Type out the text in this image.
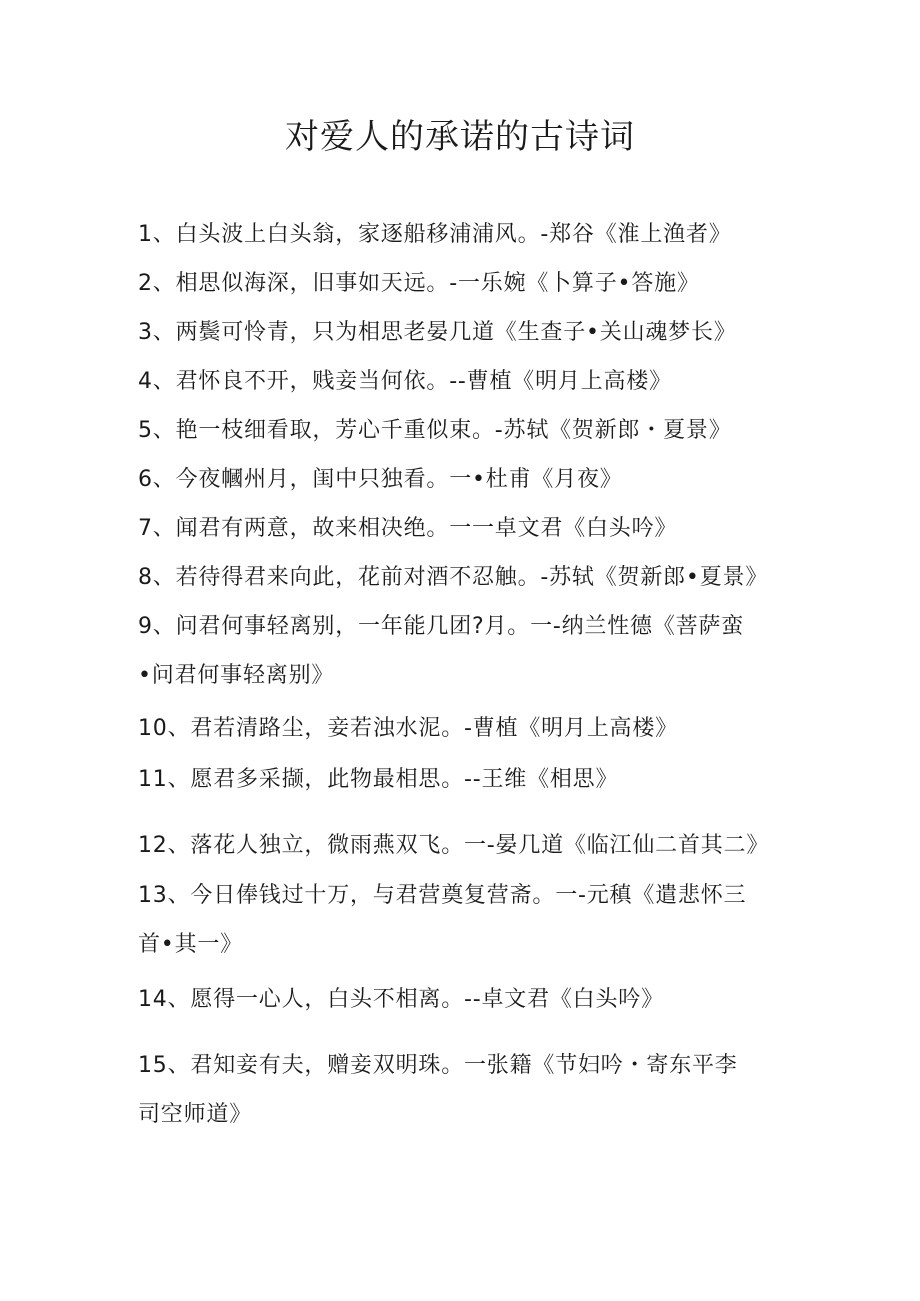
对爱人的承诺的古诗词
1、白头波上白头翁，家逐船移浦浦风。-郑谷《淮上渔者》
2、相思似海深，旧事如天远。-一乐婉《卜算子•答施》
3、两鬓可怜青，只为相思老晏几道《生查子•关山魂梦长》
4、君怀良不开，贱妾当何依。--曹植《明月上高楼》
5、艳一枝细看取，芳心千重似束。-苏轼《贺新郎・夏景》
6、今夜幗州月，闺中只独看。一•杜甫《月夜》
7、闻君有两意，故来相决绝。一一卓文君《白头吟》
8、若待得君来向此，花前对酒不忍触。-苏轼《贺新郎•夏景》
9、问君何事轻离别，一年能几团?月。一-纳兰性德《菩萨蛮
•问君何事轻离别》
10、君若清路尘，妾若浊水泥。-曹植《明月上高楼》
11、愿君多采撷，此物最相思。--王维《相思》
12、落花人独立，微雨燕双飞。一-晏几道《临江仙二首其二》
13、今日俸钱过十万，与君营奠复营斋。一-元稹《遣悲怀三
首•其一》
14、愿得一心人，白头不相离。--卓文君《白头吟》
15、君知妾有夫，赠妾双明珠。一张籍《节妇吟・寄东平李
司空师道》
